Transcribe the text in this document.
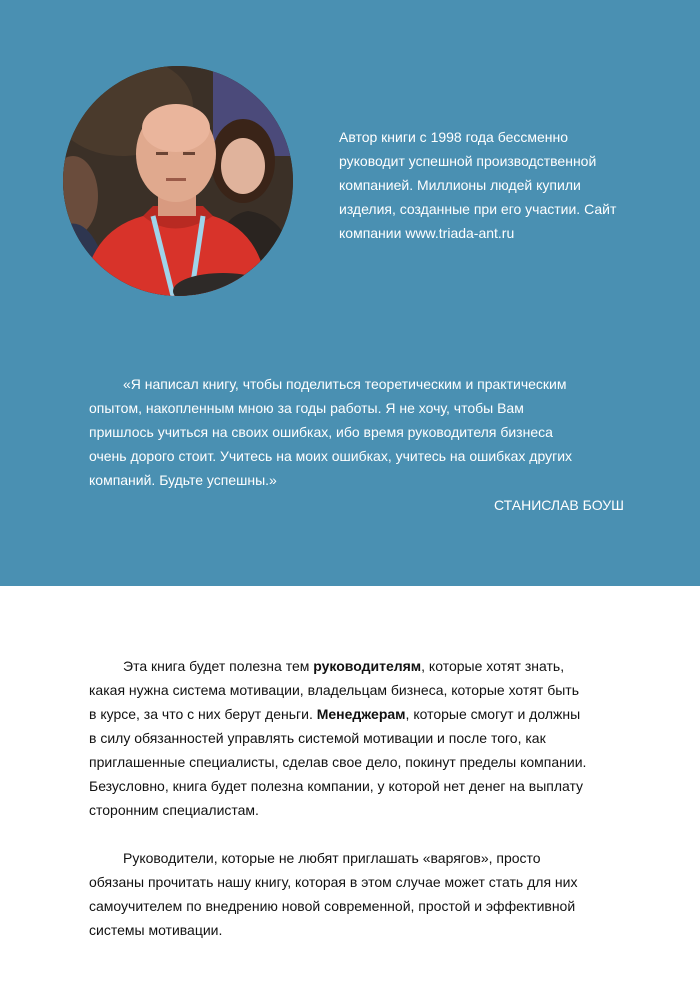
Автор книги с 1998 года бессменно руководит успешной производственной компанией. Миллионы людей купили изделия, созданные при его участии. Сайт компании www.triada-ant.ru

«Я написал книгу, чтобы поделиться теоретическим и практическим опытом, накопленным мною за годы работы. Я не хочу, чтобы Вам пришлось учиться на своих ошибках, ибо время руководителя бизнеса очень дорого стоит. Учитесь на моих ошибках, учитесь на ошибках других компаний. Будьте успешны.»

СТАНИСЛАВ БОУШ

Эта книга будет полезна тем руководителям, которые хотят знать, какая нужна система мотивации, владельцам бизнеса, которые хотят быть в курсе, за что с них берут деньги. Менеджерам, которые смогут и должны в силу обязанностей управлять системой мотивации и после того, как приглашенные специалисты, сделав свое дело, покинут пределы компании. Безусловно, книга будет полезна компании, у которой нет денег на выплату сторонним специалистам.

Руководители, которые не любят приглашать «варягов», просто обязаны прочитать нашу книгу, которая в этом случае может стать для них самоучителем по внедрению новой современной, простой и эффективной системы мотивации.
